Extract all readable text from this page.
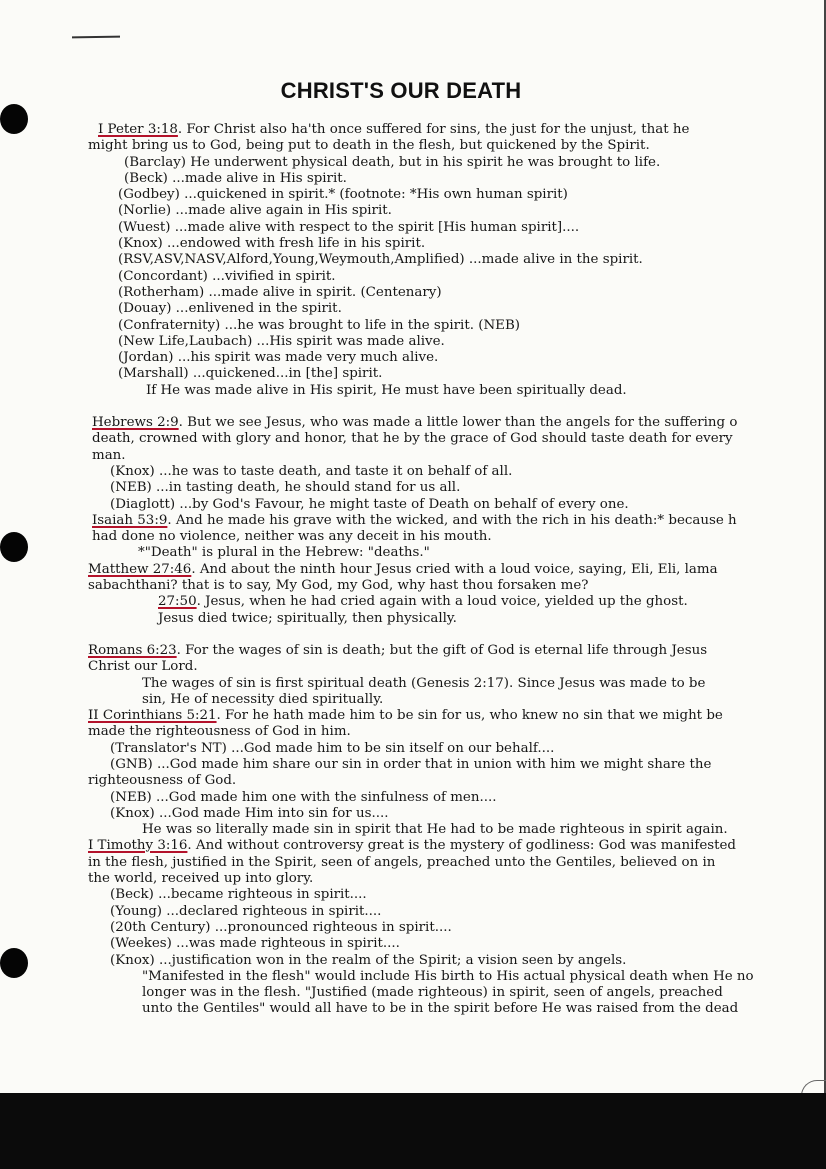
CHRIST'S OUR DEATH

I Peter 3:18. For Christ also ha'th once suffered for sins, the just for the unjust, that he

might bring us to God, being put to death in the flesh, but quickened by the Spirit.

(Barclay) He underwent physical death, but in his spirit he was brought to life.

(Beck) ...made alive in His spirit.

(Godbey) ...quickened in spirit.* (footnote: *His own human spirit)

(Norlie) ...made alive again in His spirit.

(Wuest) ...made alive with respect to the spirit [His human spirit]....

(Knox) ...endowed with fresh life in his spirit.

(RSV,ASV,NASV,Alford,Young,Weymouth,Amplified) ...made alive in the spirit.

(Concordant) ...vivified in spirit.

(Rotherham) ...made alive in spirit. (Centenary)

(Douay) ...enlivened in the spirit.

(Confraternity) ...he was brought to life in the spirit. (NEB)

(New Life,Laubach) ...His spirit was made alive.

(Jordan) ...his spirit was made very much alive.

(Marshall) ...quickened...in [the] spirit.

If He was made alive in His spirit, He must have been spiritually dead.

Hebrews 2:9. But we see Jesus, who was made a little lower than the angels for the suffering o

death, crowned with glory and honor, that he by the grace of God should taste death for every

man.

(Knox) ...he was to taste death, and taste it on behalf of all.

(NEB) ...in tasting death, he should stand for us all.

(Diaglott) ...by God's Favour, he might taste of Death on behalf of every one.

Isaiah 53:9. And he made his grave with the wicked, and with the rich in his death:* because h

had done no violence, neither was any deceit in his mouth.

*"Death" is plural in the Hebrew: "deaths."

Matthew 27:46. And about the ninth hour Jesus cried with a loud voice, saying, Eli, Eli, lama

sabachthani? that is to say, My God, my God, why hast thou forsaken me?

27:50. Jesus, when he had cried again with a loud voice, yielded up the ghost.

Jesus died twice; spiritually, then physically.

Romans 6:23. For the wages of sin is death; but the gift of God is eternal life through Jesus

Christ our Lord.

The wages of sin is first spiritual death (Genesis 2:17). Since Jesus was made to be

sin, He of necessity died spiritually.

II Corinthians 5:21. For he hath made him to be sin for us, who knew no sin that we might be

made the righteousness of God in him.

(Translator's NT) ...God made him to be sin itself on our behalf....

(GNB) ...God made him share our sin in order that in union with him we might share the

righteousness of God.

(NEB) ...God made him one with the sinfulness of men....

(Knox) ...God made Him into sin for us....

He was so literally made sin in spirit that He had to be made righteous in spirit again.

I Timothy 3:16. And without controversy great is the mystery of godliness: God was manifested

in the flesh, justified in the Spirit, seen of angels, preached unto the Gentiles, believed on in

the world, received up into glory.

(Beck) ...became righteous in spirit....

(Young) ...declared righteous in spirit....

(20th Century) ...pronounced righteous in spirit....

(Weekes) ...was made righteous in spirit....

(Knox) ...justification won in the realm of the Spirit; a vision seen by angels.

"Manifested in the flesh" would include His birth to His actual physical death when He no

longer was in the flesh. "Justified (made righteous) in spirit, seen of angels, preached

unto the Gentiles" would all have to be in the spirit before He was raised from the dead
